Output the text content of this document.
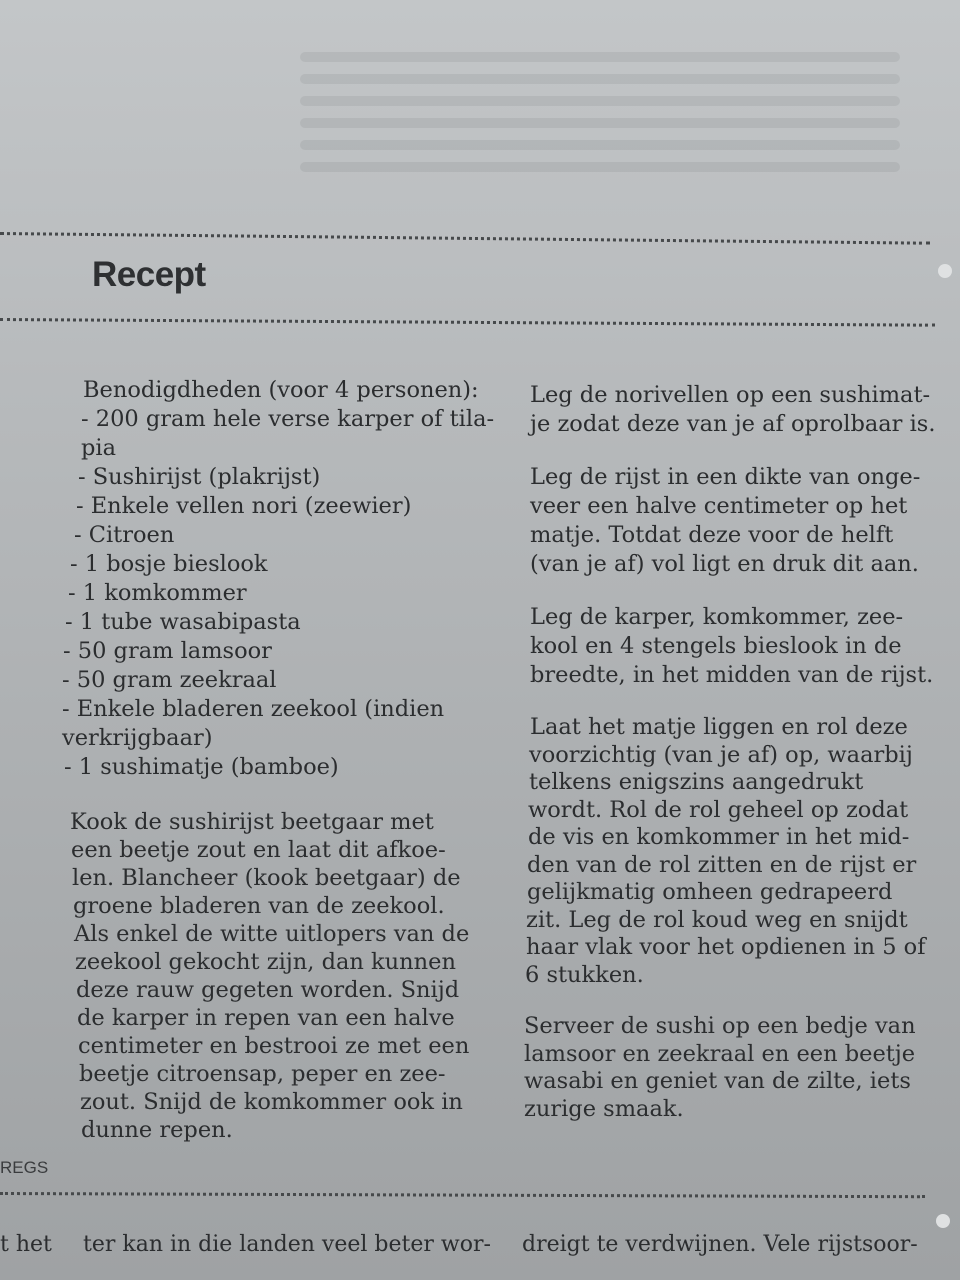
Recept
Benodigdheden (voor 4 personen):
- 200 gram hele verse karper of tila-
pia
- Sushirijst (plakrijst)
- Enkele vellen nori (zeewier)
- Citroen
- 1 bosje bieslook
- 1 komkommer
- 1 tube wasabipasta
- 50 gram lamsoor
- 50 gram zeekraal
- Enkele bladeren zeekool (indien
verkrijgbaar)
- 1 sushimatje (bamboe)
Kook de sushirijst beetgaar met
een beetje zout en laat dit afkoe-
len. Blancheer (kook beetgaar) de
groene bladeren van de zeekool.
Als enkel de witte uitlopers van de
zeekool gekocht zijn, dan kunnen
deze rauw gegeten worden. Snijd
de karper in repen van een halve
centimeter en bestrooi ze met een
beetje citroensap, peper en zee-
zout. Snijd de komkommer ook in
dunne repen.
Leg de norivellen op een sushimat-
je zodat deze van je af oprolbaar is.
Leg de rijst in een dikte van onge-
veer een halve centimeter op het
matje. Totdat deze voor de helft
(van je af) vol ligt en druk dit aan.
Leg de karper, komkommer, zee-
kool en 4 stengels bieslook in de
breedte, in het midden van de rijst.
Laat het matje liggen en rol deze
voorzichtig (van je af) op, waarbij
telkens enigszins aangedrukt
wordt. Rol de rol geheel op zodat
de vis en komkommer in het mid-
den van de rol zitten en de rijst er
gelijkmatig omheen gedrapeerd
zit. Leg de rol koud weg en snijdt
haar vlak voor het opdienen in 5 of
6 stukken.
Serveer de sushi op een bedje van
lamsoor en zeekraal en een beetje
wasabi en geniet van de zilte, iets
zurige smaak.
REGS
t het	ter kan in die landen veel beter wor- dreigt te verdwijnen. Vele rijstsoor-
